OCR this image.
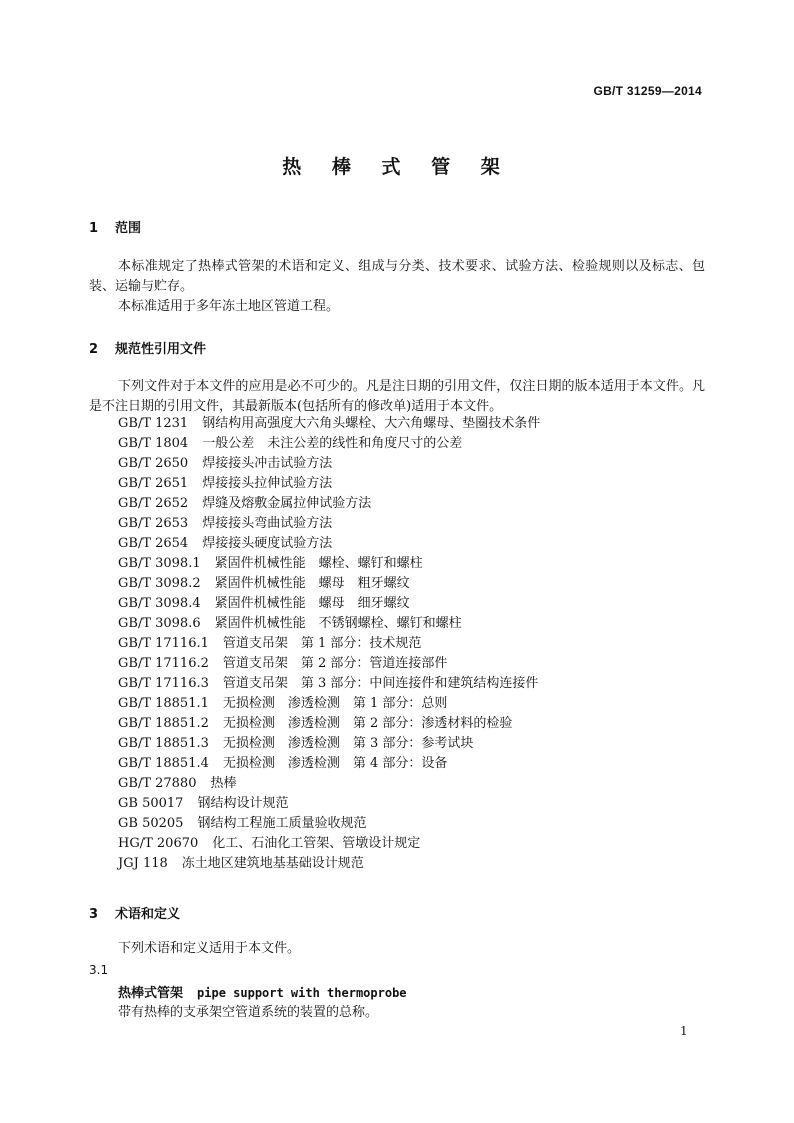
GB/T 31259—2014
热 棒 式 管 架
1 范围
本标准规定了热棒式管架的术语和定义、组成与分类、技术要求、试验方法、检验规则以及标志、包装、运输与贮存。
本标准适用于多年冻土地区管道工程。
2 规范性引用文件
下列文件对于本文件的应用是必不可少的。凡是注日期的引用文件，仅注日期的版本适用于本文件。凡是不注日期的引用文件，其最新版本(包括所有的修改单)适用于本文件。
GB/T 1231 钢结构用高强度大六角头螺栓、大六角螺母、垫圈技术条件
GB/T 1804 一般公差　未注公差的线性和角度尺寸的公差
GB/T 2650 焊接接头冲击试验方法
GB/T 2651 焊接接头拉伸试验方法
GB/T 2652 焊缝及熔敷金属拉伸试验方法
GB/T 2653 焊接接头弯曲试验方法
GB/T 2654 焊接接头硬度试验方法
GB/T 3098.1 紧固件机械性能　螺栓、螺钉和螺柱
GB/T 3098.2 紧固件机械性能　螺母　粗牙螺纹
GB/T 3098.4 紧固件机械性能　螺母　细牙螺纹
GB/T 3098.6 紧固件机械性能　不锈钢螺栓、螺钉和螺柱
GB/T 17116.1 管道支吊架　第 1 部分：技术规范
GB/T 17116.2 管道支吊架　第 2 部分：管道连接部件
GB/T 17116.3 管道支吊架　第 3 部分：中间连接件和建筑结构连接件
GB/T 18851.1 无损检测　渗透检测　第 1 部分：总则
GB/T 18851.2 无损检测　渗透检测　第 2 部分：渗透材料的检验
GB/T 18851.3 无损检测　渗透检测　第 3 部分：参考试块
GB/T 18851.4 无损检测　渗透检测　第 4 部分：设备
GB/T 27880 热棒
GB 50017 钢结构设计规范
GB 50205 钢结构工程施工质量验收规范
HG/T 20670 化工、石油化工管架、管墩设计规定
JGJ 118 冻土地区建筑地基基础设计规范
3 术语和定义
下列术语和定义适用于本文件。
3.1
热棒式管架 pipe support with thermoprobe
带有热棒的支承架空管道系统的装置的总称。
1
